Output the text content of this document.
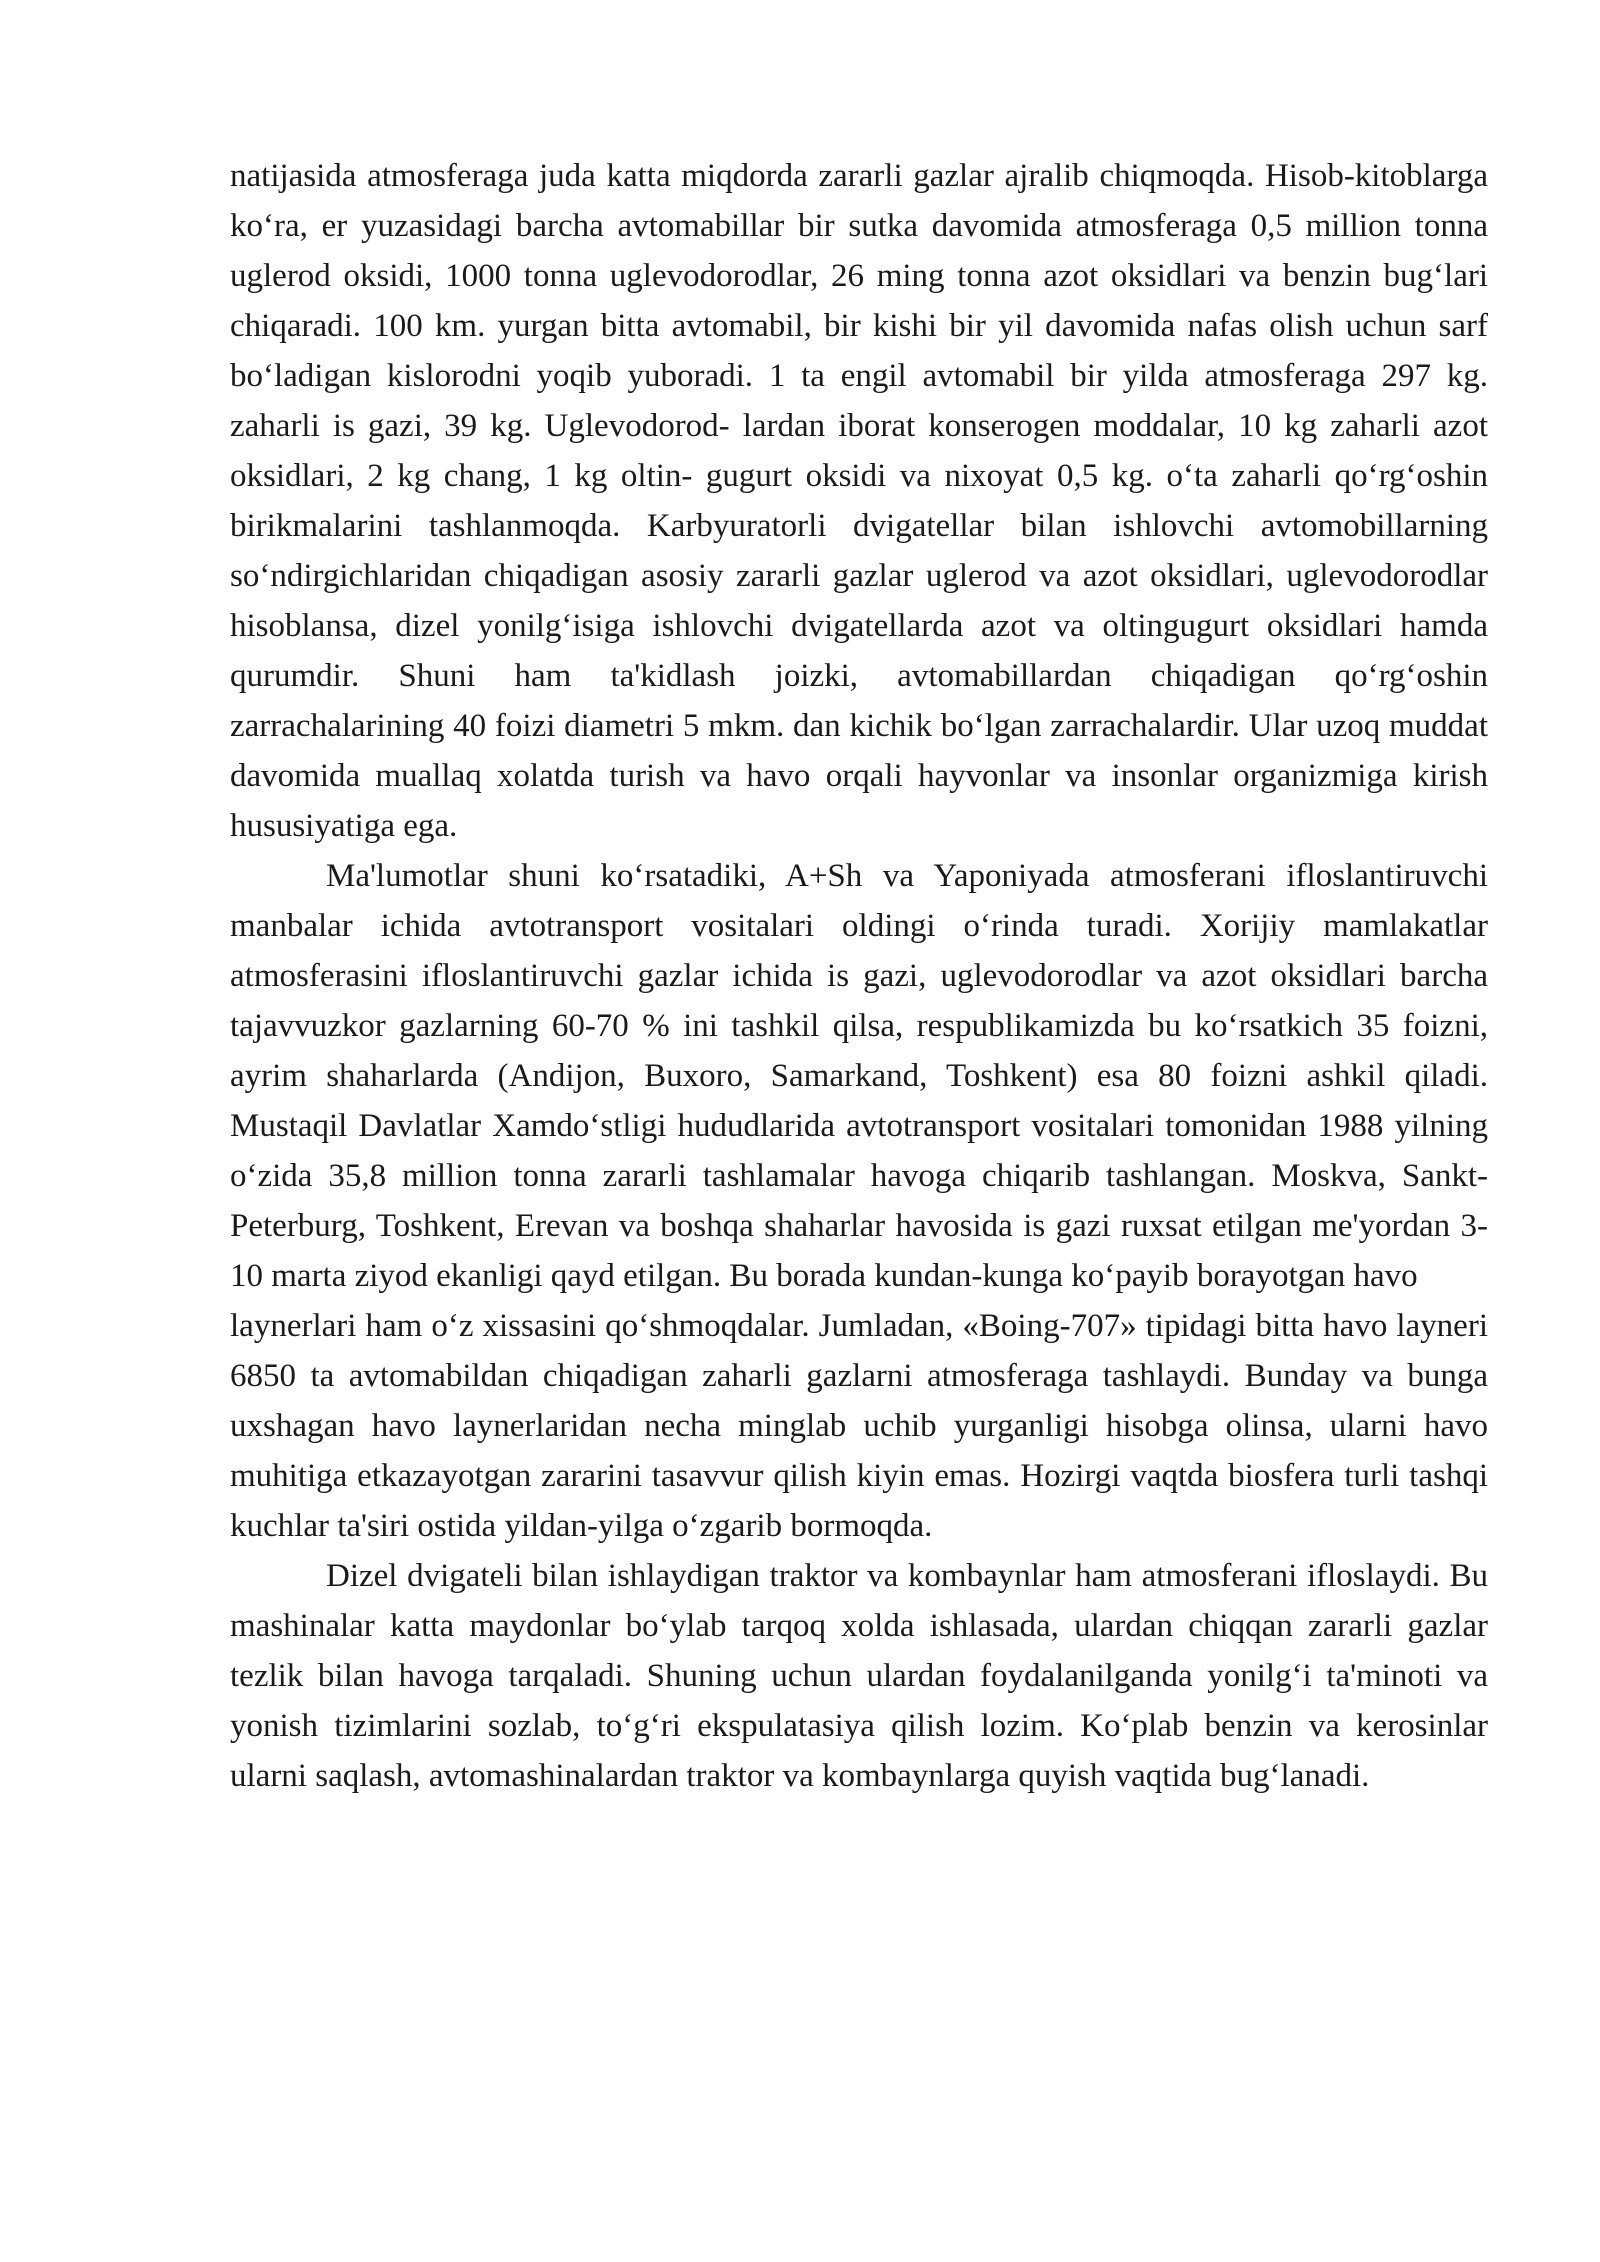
natijasida atmosferaga juda katta miqdorda zararli gazlar ajralib chiqmoqda. Hisob-kitoblarga ko‘ra, er yuzasidagi barcha avtomabillar bir sutka davomida atmosferaga 0,5 million tonna uglerod oksidi, 1000 tonna uglevodorodlar, 26 ming tonna azot oksidlari va benzin bug‘lari chiqaradi. 100 km. yurgan bitta avtomabil, bir kishi bir yil davomida nafas olish uchun sarf bo‘ladigan kislorodni yoqib yuboradi. 1 ta engil avtomabil bir yilda atmosferaga 297 kg. zaharli is gazi, 39 kg. Uglevodorod- lardan iborat konserogen moddalar, 10 kg zaharli azot oksidlari, 2 kg chang, 1 kg oltin- gugurt oksidi va nixoyat 0,5 kg. o‘ta zaharli qo‘rg‘oshin birikmalarini tashlanmoqda. Karbyuratorli dvigatellar bilan ishlovchi avtomobillarning so‘ndirgichlaridan chiqadigan asosiy zararli gazlar uglerod va azot oksidlari, uglevodorodlar hisoblansa, dizel yonilg‘isiga ishlovchi dvigatellarda azot va oltingugurt oksidlari hamda qurumdir. Shuni ham ta'kidlash joizki, avtomabillardan chiqadigan qo‘rg‘oshin zarrachalarining 40 foizi diametri 5 mkm. dan kichik bo‘lgan zarrachalardir. Ular uzoq muddat davomida muallaq xolatda turish va havo orqali hayvonlar va insonlar organizmiga kirish hususiyatiga ega.

Ma'lumotlar shuni ko‘rsatadiki, A+Sh va Yaponiyada atmosferani ifloslantiruvchi manbalar ichida avtotransport vositalari oldingi o‘rinda turadi. Xorijiy mamlakatlar atmosferasini ifloslantiruvchi gazlar ichida is gazi, uglevodorodlar va azot oksidlari barcha tajavvuzkor gazlarning 60-70 % ini tashkil qilsa, respublikamizda bu ko‘rsatkich 35 foizni, ayrim shaharlarda (Andijon, Buxoro, Samarkand, Toshkent) esa 80 foizni ashkil qiladi. Mustaqil Davlatlar Xamdo‘stligi hududlarida avtotransport vositalari tomonidan 1988 yilning o‘zida 35,8 million tonna zararli tashlamalar havoga chiqarib tashlangan. Moskva, Sankt-Peterburg, Toshkent, Erevan va boshqa shaharlar havosida is gazi ruxsat etilgan me'yordan 3-10 marta ziyod ekanligi qayd etilgan. Bu borada kundan-kunga ko‘payib borayotgan havo

laynerlari ham o‘z xissasini qo‘shmoqdalar. Jumladan, «Boing-707» tipidagi bitta havo layneri 6850 ta avtomabildan chiqadigan zaharli gazlarni atmosferaga tashlaydi. Bunday va bunga uxshagan havo laynerlaridan necha minglab uchib yurganligi hisobga olinsa, ularni havo muhitiga etkazayotgan zararini tasavvur qilish kiyin emas. Hozirgi vaqtda biosfera turli tashqi kuchlar ta'siri ostida yildan-yilga o‘zgarib bormoqda.

Dizel dvigateli bilan ishlaydigan traktor va kombaynlar ham atmosferani ifloslaydi. Bu mashinalar katta maydonlar bo‘ylab tarqoq xolda ishlasada, ulardan chiqqan zararli gazlar tezlik bilan havoga tarqaladi. Shuning uchun ulardan foydalanilganda yonilg‘i ta'minoti va yonish tizimlarini sozlab, to‘g‘ri ekspulatasiya qilish lozim. Ko‘plab benzin va kerosinlar ularni saqlash, avtomashinalardan traktor va kombaynlarga quyish vaqtida bug‘lanadi.
